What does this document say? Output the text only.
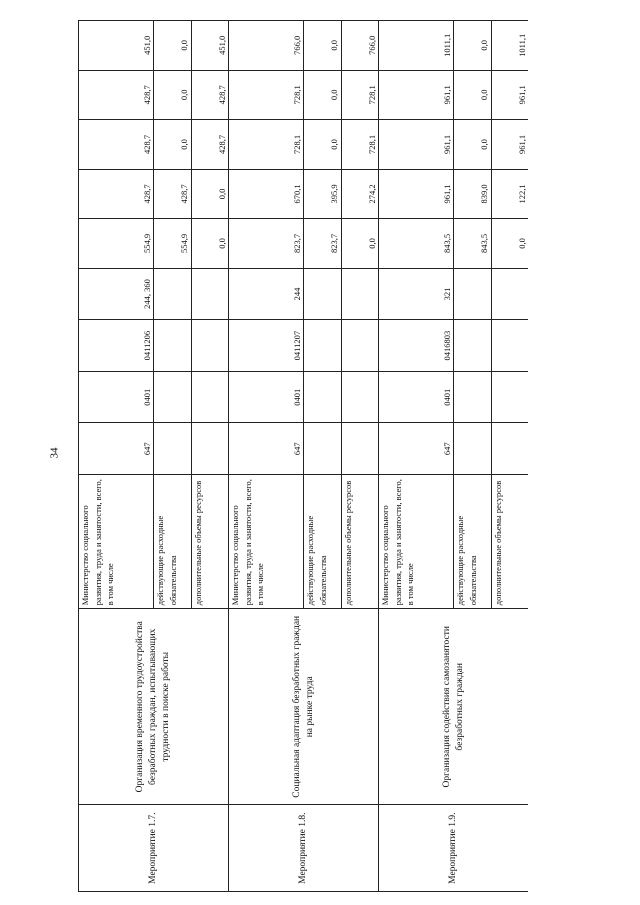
34
Мероприятие 1.7.	Организация временного трудоустройства безработных граждан, испытывающих трудности в поиске работы	Министерство социального развития, труда и занятости, всего, в том числе	647	0401	0411206	244, 360	554,9	428,7	428,7	428,7	451,0
		действующие расходные обязательства					554,9	428,7	0,0	0,0	0,0
		дополнительные объемы ресурсов					0,0	0,0	428,7	428,7	451,0
Мероприятие 1.8.	Социальная адаптация безработных граждан на рынке труда	Министерство социального развития, труда и занятости, всего, в том числе	647	0401	0411207	244	823,7	670,1	728,1	728,1	766,0
		действующие расходные обязательства					823,7	395,9	0,0	0,0	0,0
		дополнительные объемы ресурсов					0,0	274,2	728,1	728,1	766,0
Мероприятие 1.9.	Организация содействия самозанятости безработных граждан	Министерство социального развития, труда и занятости, всего, в том числе	647	0401	0416803	321	843,5	961,1	961,1	961,1	1011,1
		действующие расходные обязательства					843,5	839,0	0,0	0,0	0,0
		дополнительные объемы ресурсов					0,0	122,1	961,1	961,1	1011,1
